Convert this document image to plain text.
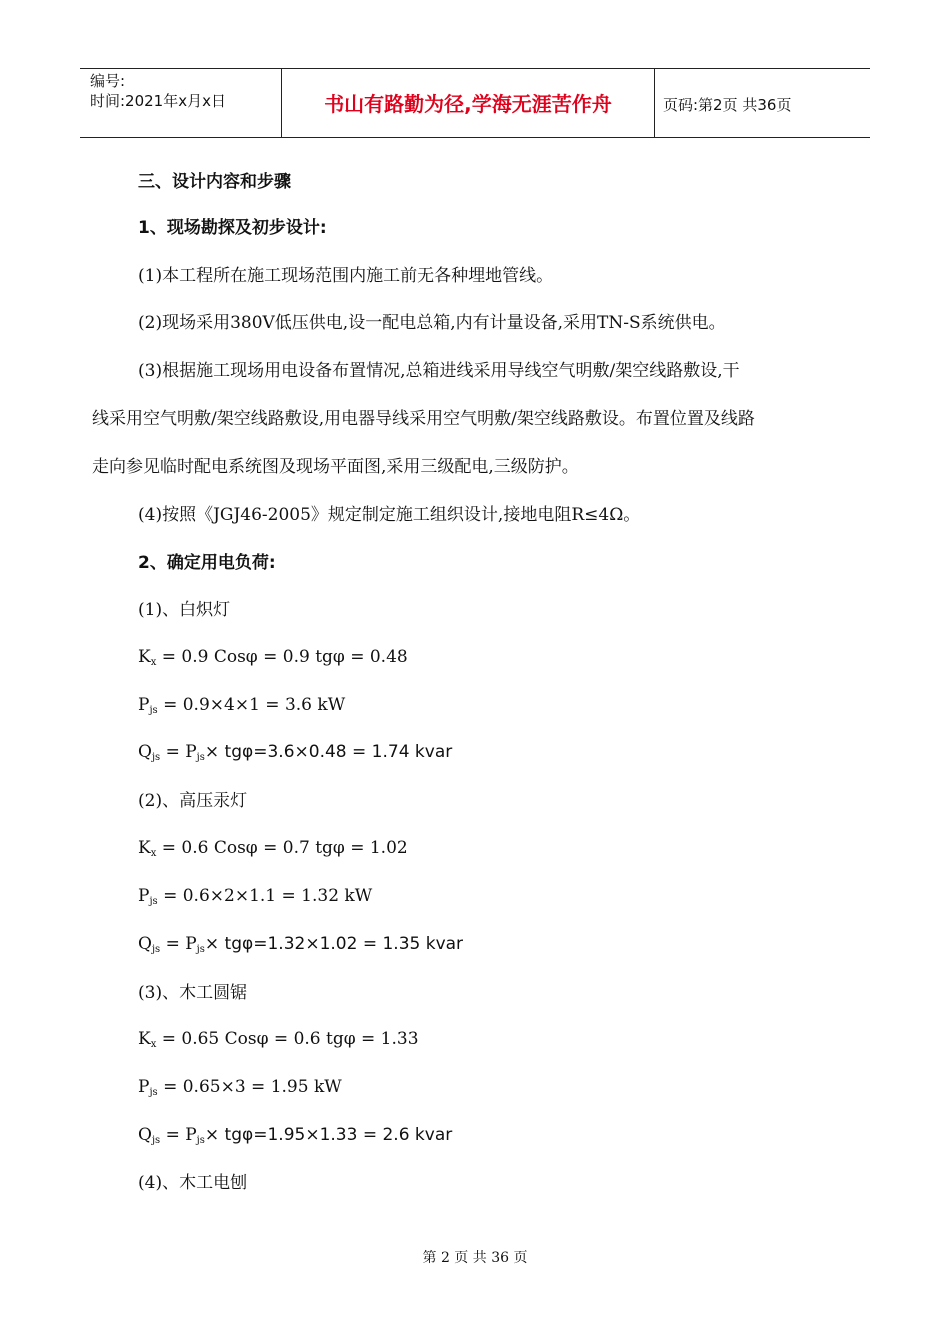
编号:
时间:2021年x月x日	书山有路勤为径,学海无涯苦作舟	页码:第2页 共36页
三、设计内容和步骤
1、现场勘探及初步设计:
(1)本工程所在施工现场范围内施工前无各种埋地管线。
(2)现场采用380V低压供电,设一配电总箱,内有计量设备,采用TN-S系统供电。
(3)根据施工现场用电设备布置情况,总箱进线采用导线空气明敷/架空线路敷设,干
线采用空气明敷/架空线路敷设,用电器导线采用空气明敷/架空线路敷设。布置位置及线路
走向参见临时配电系统图及现场平面图,采用三级配电,三级防护。
(4)按照《JGJ46-2005》规定制定施工组织设计,接地电阻R≤4Ω。
2、确定用电负荷:
(1)、白炽灯
$K_x = 0.9$ Cosφ = 0.9 tgφ = 0.48
$P_{js} = 0.9\times 4\times 1 = 3.6$ kW
$Q_{js} = P_{js}\times tg\varphi=3.6\times 0.48 = 1.74$ kvar
(2)、高压汞灯
$K_x = 0.6$ Cosφ = 0.7 tgφ = 1.02
$P_{js} = 0.6\times 2\times 1.1 = 1.32$ kW
$Q_{js} = P_{js}\times tg\varphi=1.32\times 1.02 = 1.35$ kvar
(3)、木工圆锯
$K_x = 0.65$ Cosφ = 0.6 tgφ = 1.33
$P_{js} = 0.65\times 3 = 1.95$ kW
$Q_{js} = P_{js}\times tg\varphi=1.95\times 1.33 = 2.6$ kvar
(4)、木工电刨
第 2 页 共 36 页
